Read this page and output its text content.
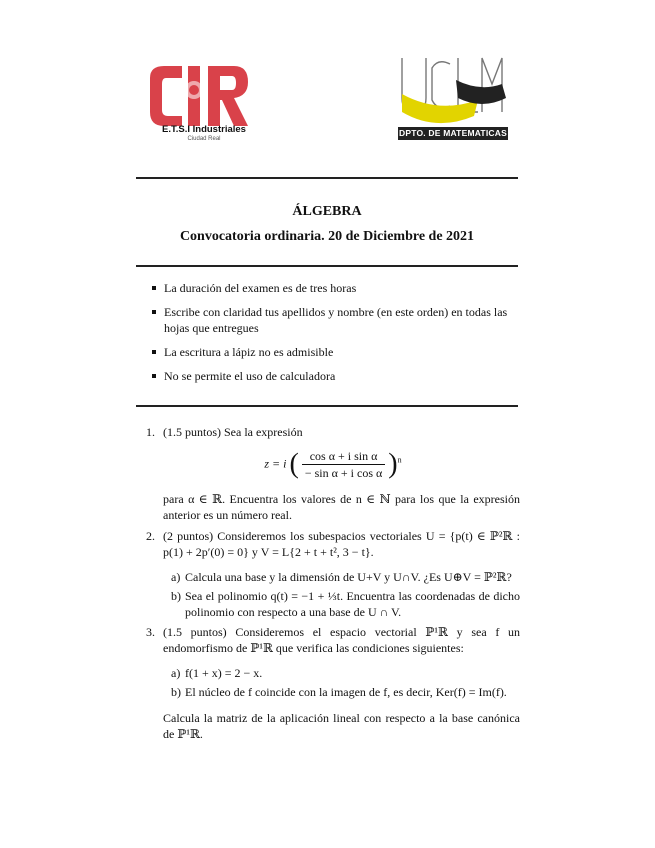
E.T.S.I Industriales
Ciudad Real
DPTO. DE MATEMATICAS
ÁLGEBRA
Convocatoria ordinaria. 20 de Diciembre de 2021
La duración del examen es de tres horas
Escribe con claridad tus apellidos y nombre (en este orden) en todas las hojas que entregues
La escritura a lápiz no es admisible
No se permite el uso de calculadora
1. (1.5 puntos) Sea la expresión
z = i ( $\frac{\text{cos α + i sin α}}{\text{− sin α + i cos α}} )^n$
para α ∈ ℝ. Encuentra los valores de n ∈ ℕ para los que la expresión anterior es un número real.
2. (2 puntos) Consideremos los subespacios vectoriales U = {p(t) ∈ ℙ²ℝ : p(1) + 2p′(0) = 0} y V = L{2 + t + t², 3 − t}.
a) Calcula una base y la dimensión de U+V y U∩V. ¿Es U⊕V = ℙ²ℝ?
b) Sea el polinomio q(t) = −1 + ⅓t. Encuentra las coordenadas de dicho polinomio con respecto a una base de U ∩ V.
3. (1.5 puntos) Consideremos el espacio vectorial ℙ¹ℝ y sea f un endomorfismo de ℙ¹ℝ que verifica las condiciones siguientes:
a) f(1 + x) = 2 − x.
b) El núcleo de f coincide con la imagen de f, es decir, Ker(f) = Im(f).
Calcula la matriz de la aplicación lineal con respecto a la base canónica de ℙ¹ℝ.
